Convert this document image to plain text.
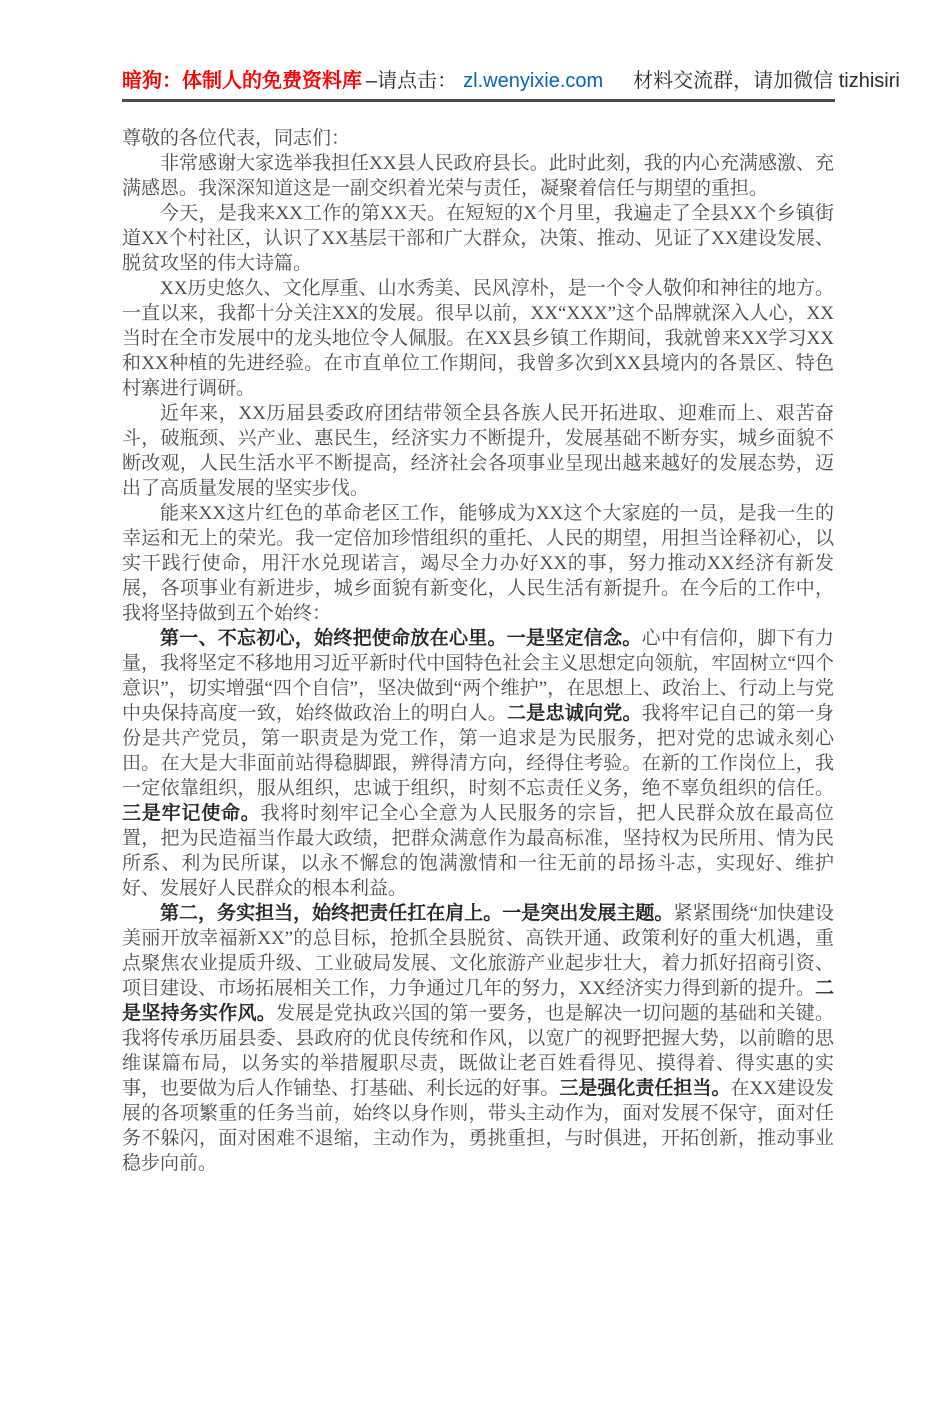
暗狗：体制人的免费资料库 –请点击： zl.wenyixie.com 材料交流群，请加微信 tizhisiri

尊敬的各位代表，同志们：

非常感谢大家选举我担任XX县人民政府县长。此时此刻，我的内心充满感激、充满感恩。我深深知道这是一副交织着光荣与责任，凝聚着信任与期望的重担。

今天，是我来XX工作的第XX天。在短短的X个月里，我遍走了全县XX个乡镇街道XX个村社区，认识了XX基层干部和广大群众，决策、推动、见证了XX建设发展、脱贫攻坚的伟大诗篇。

XX历史悠久、文化厚重、山水秀美、民风淳朴，是一个令人敬仰和神往的地方。一直以来，我都十分关注XX的发展。很早以前，XX“XXX”这个品牌就深入人心，XX当时在全市发展中的龙头地位令人佩服。在XX县乡镇工作期间，我就曾来XX学习XX和XX种植的先进经验。在市直单位工作期间，我曾多次到XX县境内的各景区、特色村寨进行调研。

近年来，XX历届县委政府团结带领全县各族人民开拓进取、迎难而上、艰苦奋斗，破瓶颈、兴产业、惠民生，经济实力不断提升，发展基础不断夯实，城乡面貌不断改观，人民生活水平不断提高，经济社会各项事业呈现出越来越好的发展态势，迈出了高质量发展的坚实步伐。

能来XX这片红色的革命老区工作，能够成为XX这个大家庭的一员，是我一生的幸运和无上的荣光。我一定倍加珍惜组织的重托、人民的期望，用担当诠释初心，以实干践行使命，用汗水兑现诺言，竭尽全力办好XX的事，努力推动XX经济有新发展，各项事业有新进步，城乡面貌有新变化，人民生活有新提升。在今后的工作中，我将坚持做到五个始终：

第一、不忘初心，始终把使命放在心里。一是坚定信念。心中有信仰，脚下有力量，我将坚定不移地用习近平新时代中国特色社会主义思想定向领航，牢固树立“四个意识”，切实增强“四个自信”，坚决做到“两个维护”，在思想上、政治上、行动上与党中央保持高度一致，始终做政治上的明白人。二是忠诚向党。我将牢记自己的第一身份是共产党员，第一职责是为党工作，第一追求是为民服务，把对党的忠诚永刻心田。在大是大非面前站得稳脚跟，辨得清方向，经得住考验。在新的工作岗位上，我一定依靠组织，服从组织，忠诚于组织，时刻不忘责任义务，绝不辜负组织的信任。三是牢记使命。我将时刻牢记全心全意为人民服务的宗旨，把人民群众放在最高位置，把为民造福当作最大政绩，把群众满意作为最高标准，坚持权为民所用、情为民所系、利为民所谋，以永不懈怠的饱满激情和一往无前的昂扬斗志，实现好、维护好、发展好人民群众的根本利益。

第二，务实担当，始终把责任扛在肩上。一是突出发展主题。紧紧围绕“加快建设美丽开放幸福新XX”的总目标，抢抓全县脱贫、高铁开通、政策利好的重大机遇，重点聚焦农业提质升级、工业破局发展、文化旅游产业起步壮大，着力抓好招商引资、项目建设、市场拓展相关工作，力争通过几年的努力，XX经济实力得到新的提升。二是坚持务实作风。发展是党执政兴国的第一要务，也是解决一切问题的基础和关键。我将传承历届县委、县政府的优良传统和作风，以宽广的视野把握大势，以前瞻的思维谋篇布局，以务实的举措履职尽责，既做让老百姓看得见、摸得着、得实惠的实事，也要做为后人作铺垫、打基础、利长远的好事。三是强化责任担当。在XX建设发展的各项繁重的任务当前，始终以身作则，带头主动作为，面对发展不保守，面对任务不躲闪，面对困难不退缩，主动作为，勇挑重担，与时俱进，开拓创新，推动事业稳步向前。
